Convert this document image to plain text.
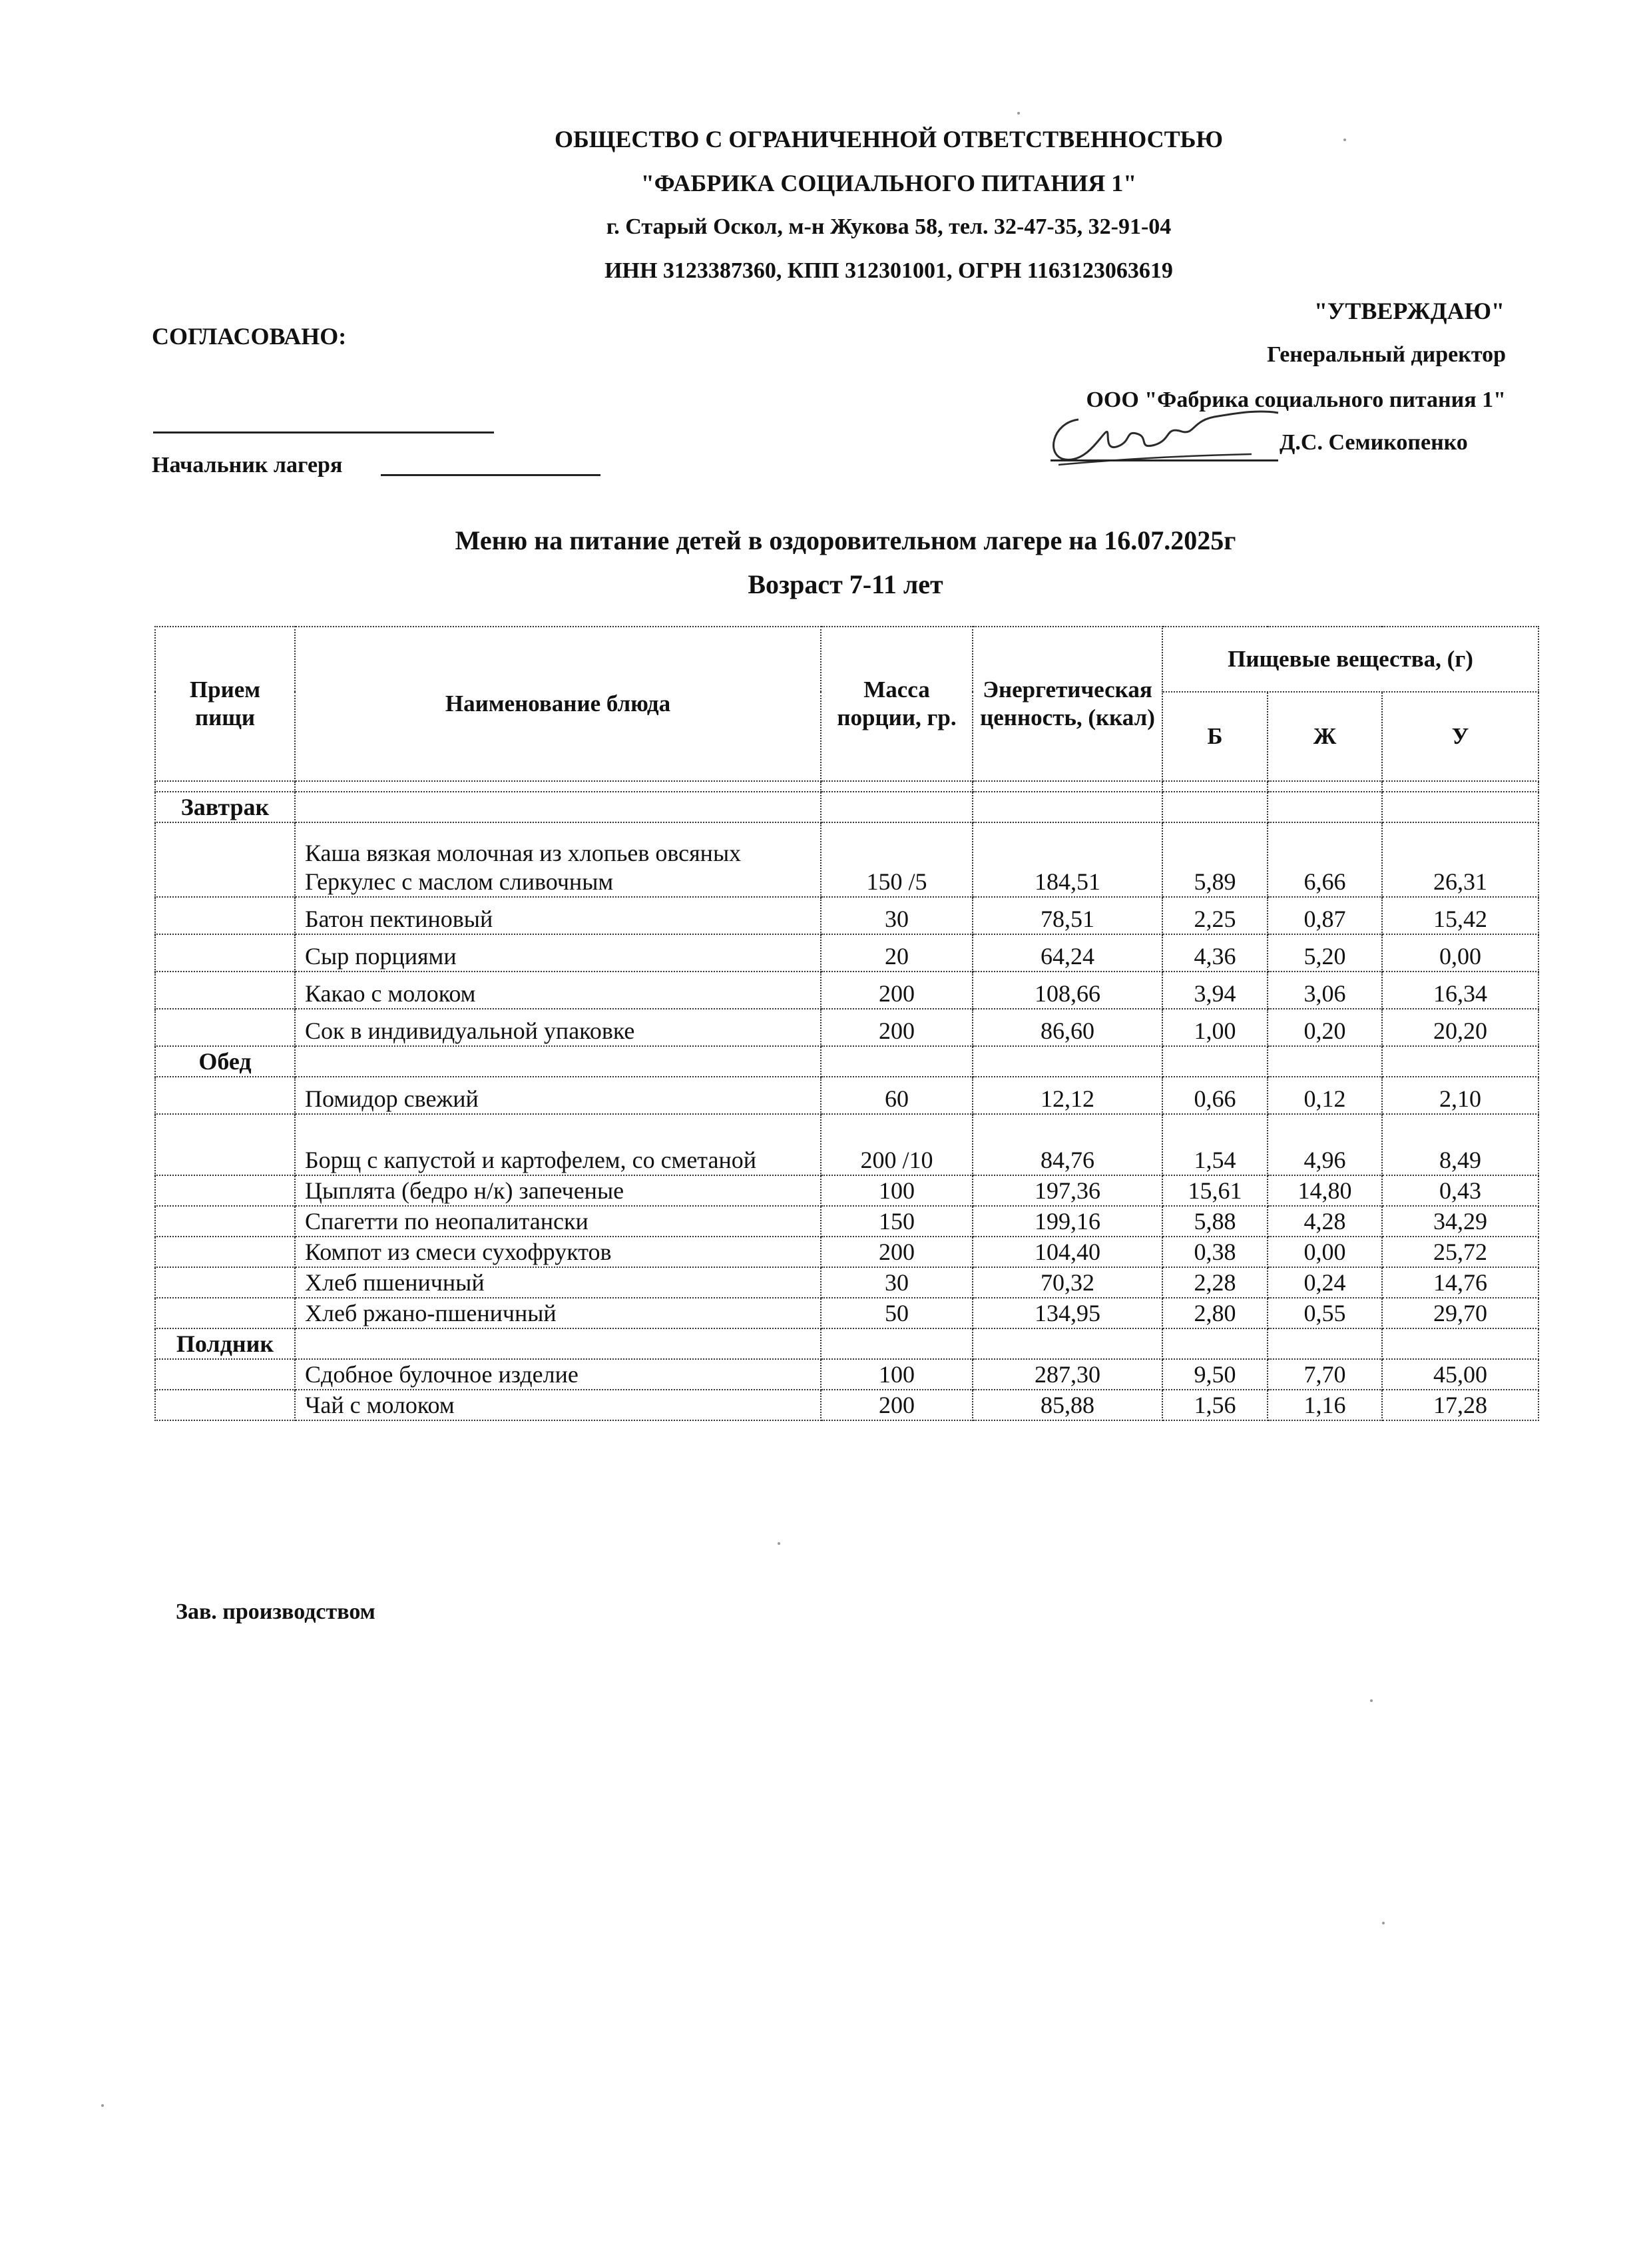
ОБЩЕСТВО С ОГРАНИЧЕННОЙ ОТВЕТСТВЕННОСТЬЮ
"ФАБРИКА СОЦИАЛЬНОГО ПИТАНИЯ 1"
г. Старый Оскол, м-н Жукова 58, тел. 32-47-35, 32-91-04
ИНН 3123387360, КПП 312301001, ОГРН 1163123063619
СОГЛАСОВАНО:
Начальник лагеря
"УТВЕРЖДАЮ"
Генеральный директор
ООО "Фабрика социального питания 1"
Д.С. Семикопенко
Меню на питание детей в оздоровительном лагере на 16.07.2025г
Возраст 7-11 лет
Прием пищи	Наименование блюда	Масса порции, гр.	Энергетическая ценность, (ккал)	Пищевые вещества, (г)		
				Б	Ж	У

Завтрак						
	Каша вязкая молочная из хлопьев овсяных Геркулес с маслом сливочным	150 /5	184,51	5,89	6,66	26,31
	Батон пектиновый	30	78,51	2,25	0,87	15,42
	Сыр порциями	20	64,24	4,36	5,20	0,00
	Какао с молоком	200	108,66	3,94	3,06	16,34
	Сок в индивидуальной упаковке	200	86,60	1,00	0,20	20,20
Обед						
	Помидор свежий	60	12,12	0,66	0,12	2,10
	Борщ с капустой и картофелем, со сметаной	200 /10	84,76	1,54	4,96	8,49
	Цыплята (бедро н/к) запеченые	100	197,36	15,61	14,80	0,43
	Спагетти по неопалитански	150	199,16	5,88	4,28	34,29
	Компот из смеси сухофруктов	200	104,40	0,38	0,00	25,72
	Хлеб пшеничный	30	70,32	2,28	0,24	14,76
	Хлеб ржано-пшеничный	50	134,95	2,80	0,55	29,70
Полдник						
	Сдобное булочное изделие	100	287,30	9,50	7,70	45,00
	Чай с молоком	200	85,88	1,56	1,16	17,28
Зав. производством
